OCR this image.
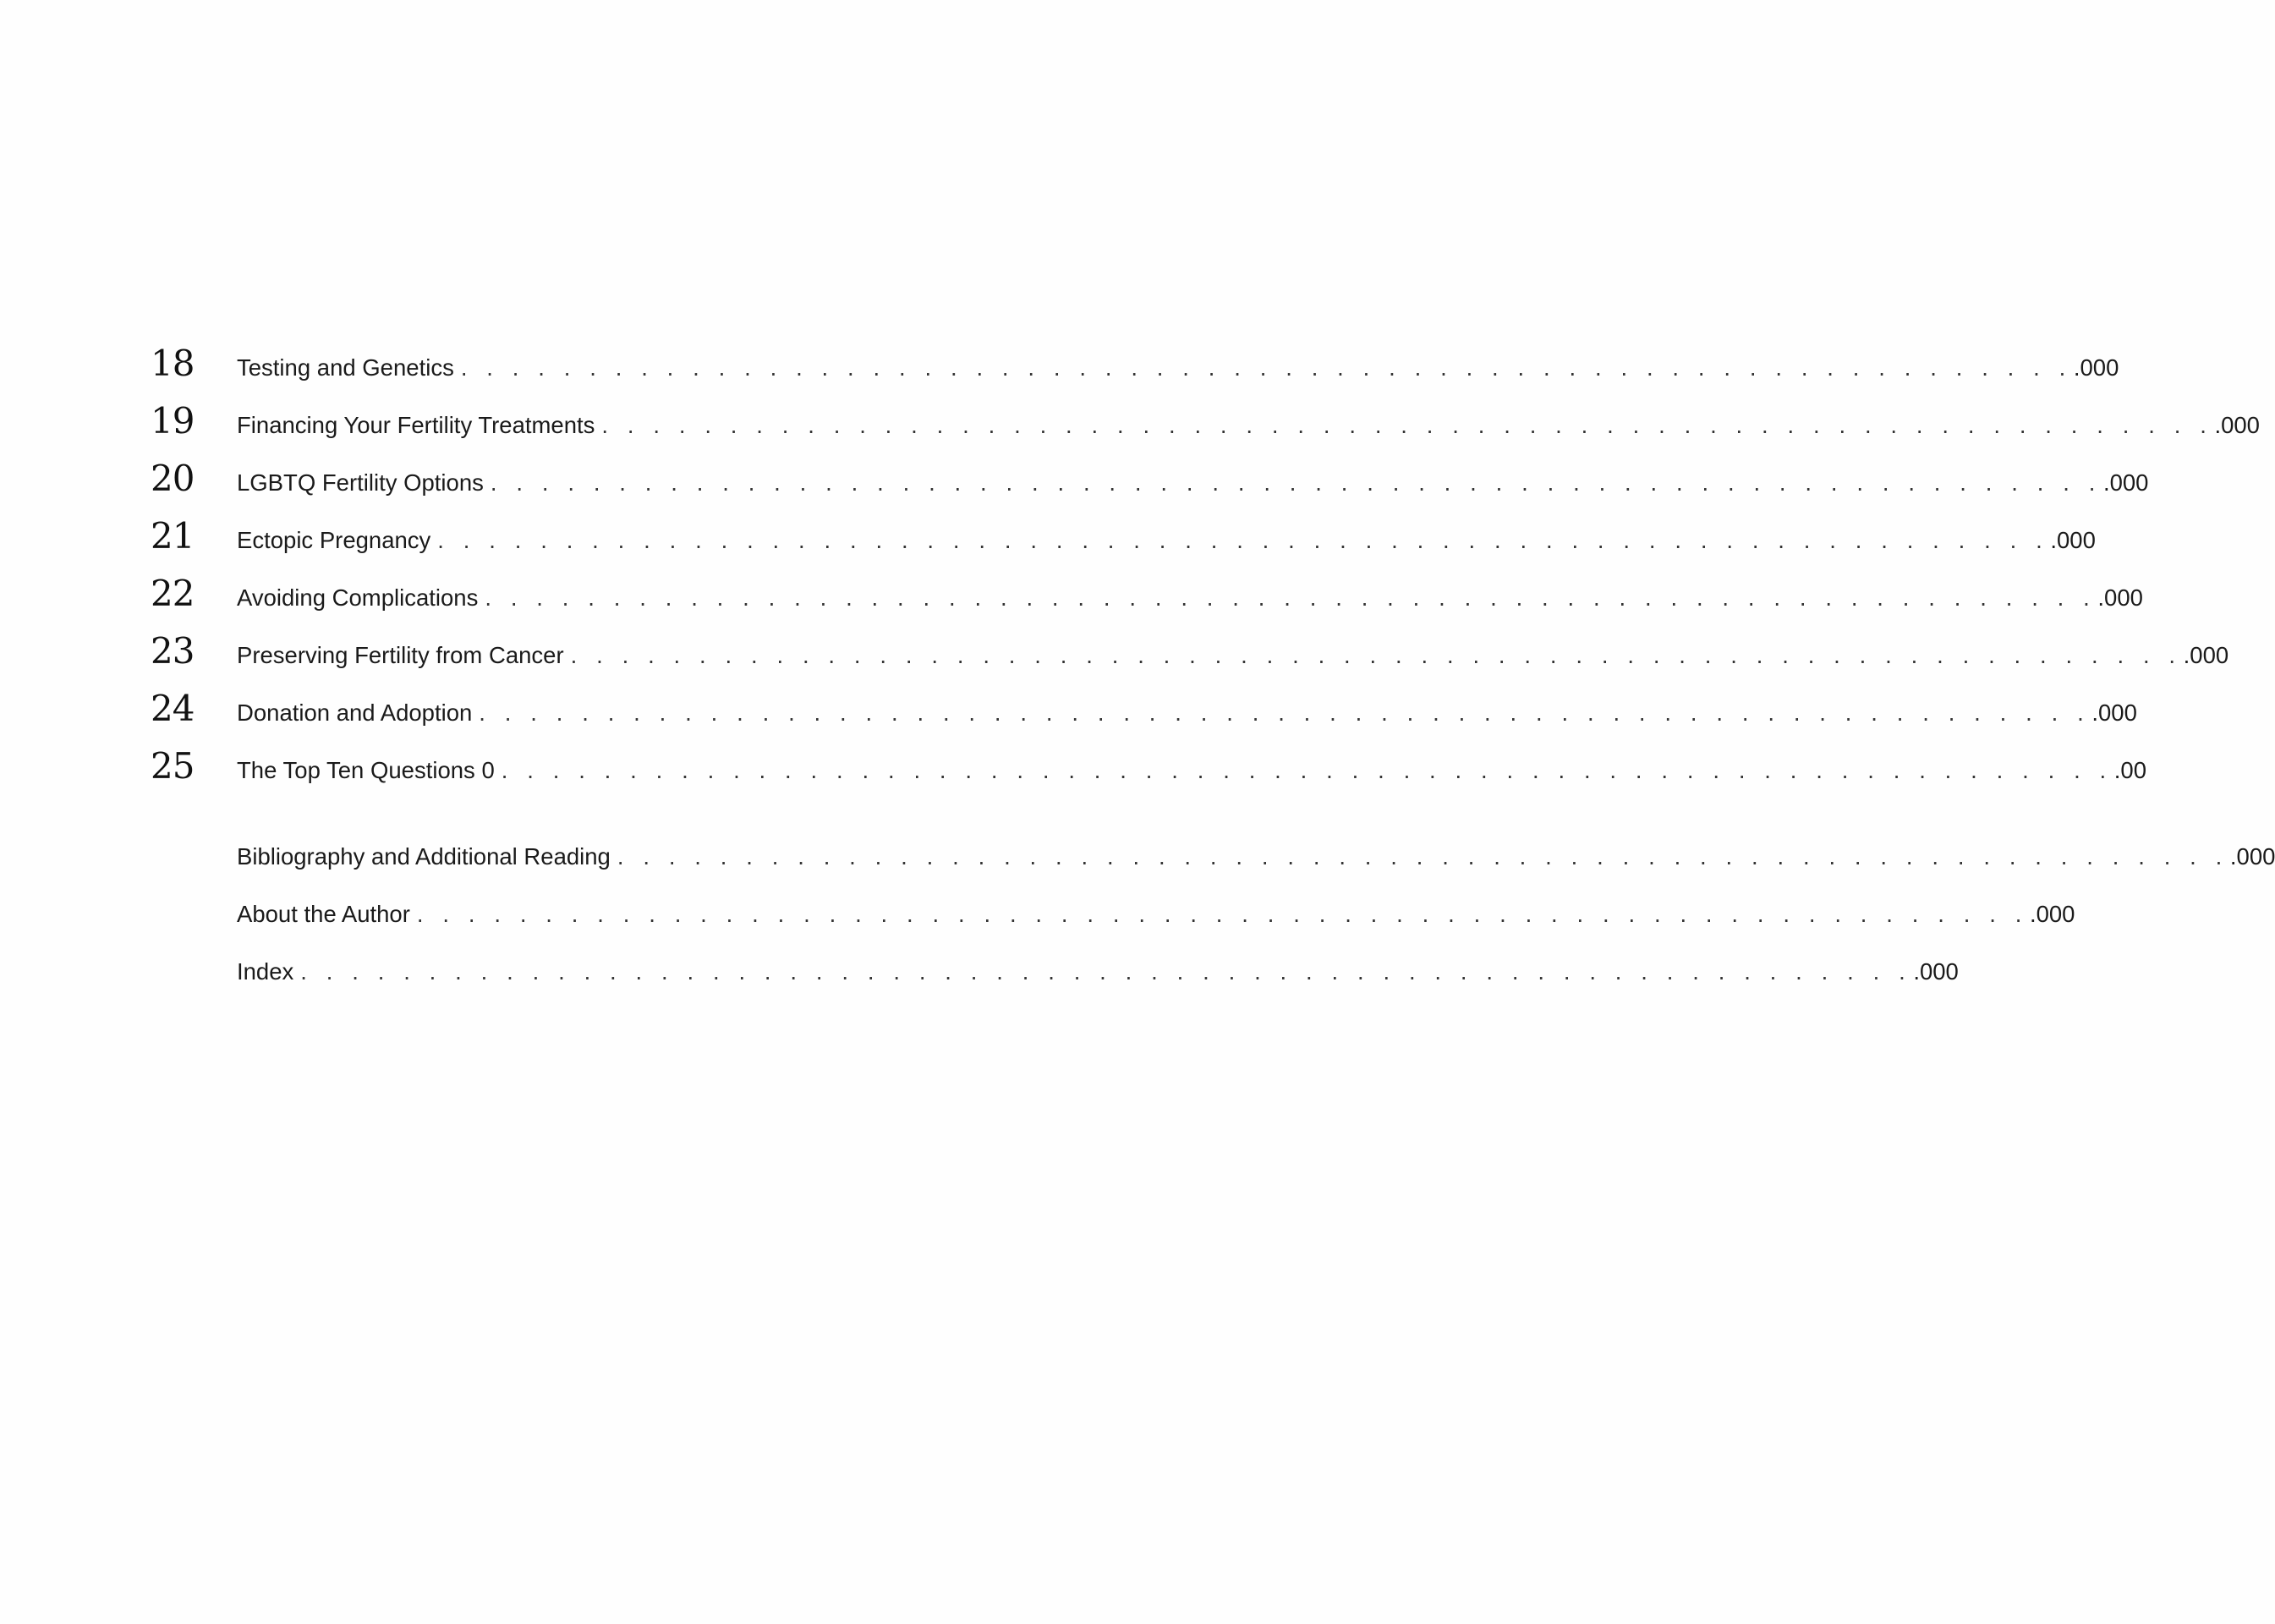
18	Testing and Genetics . . . . . . . . . . . . . . . . . . . . . . . . . . . . . . . . . . . . . . . . . . . . . . . . . . . . . . . . . . . . . . . .000
19	Financing Your Fertility Treatments . . . . . . . . . . . . . . . . . . . . . . . . . . . . . . . . . . . . . . . . . . . . . . . . . . . . . . . . . . . . . . . .000
20	LGBTQ Fertility Options . . . . . . . . . . . . . . . . . . . . . . . . . . . . . . . . . . . . . . . . . . . . . . . . . . . . . . . . . . . . . . . .000
21	Ectopic Pregnancy . . . . . . . . . . . . . . . . . . . . . . . . . . . . . . . . . . . . . . . . . . . . . . . . . . . . . . . . . . . . . . . .000
22	Avoiding Complications . . . . . . . . . . . . . . . . . . . . . . . . . . . . . . . . . . . . . . . . . . . . . . . . . . . . . . . . . . . . . . . .000
23	Preserving Fertility from Cancer . . . . . . . . . . . . . . . . . . . . . . . . . . . . . . . . . . . . . . . . . . . . . . . . . . . . . . . . . . . . . . . .000
24	Donation and Adoption . . . . . . . . . . . . . . . . . . . . . . . . . . . . . . . . . . . . . . . . . . . . . . . . . . . . . . . . . . . . . . . .000
25	The Top Ten Questions 0 . . . . . . . . . . . . . . . . . . . . . . . . . . . . . . . . . . . . . . . . . . . . . . . . . . . . . . . . . . . . . . . .00
Bibliography and Additional Reading . . . . . . . . . . . . . . . . . . . . . . . . . . . . . . . . . . . . . . . . . . . . . . . . . . . . . . . . . . . . . . . .000
About the Author . . . . . . . . . . . . . . . . . . . . . . . . . . . . . . . . . . . . . . . . . . . . . . . . . . . . . . . . . . . . . . . .000
Index . . . . . . . . . . . . . . . . . . . . . . . . . . . . . . . . . . . . . . . . . . . . . . . . . . . . . . . . . . . . . . . .000
